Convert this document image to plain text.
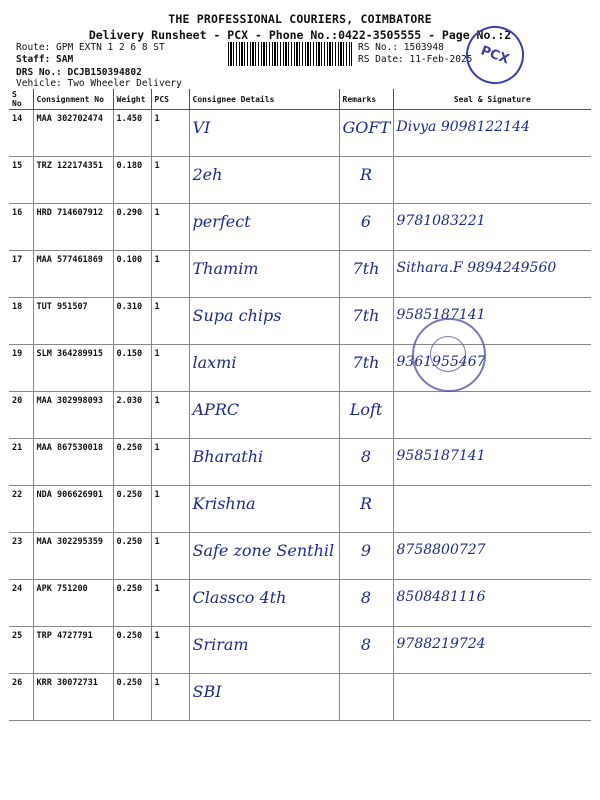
THE PROFESSIONAL COURIERS, COIMBATORE
Delivery Runsheet - PCX - Phone No.:0422-3505555 - Page No.:2
Route: GPM EXTN 1 2 6 8 ST
Staff: SAM
DRS No.: DCJB150394802
Vehicle: Two Wheeler Delivery
RS No.: 1503948
RS Date: 11-Feb-2025 PCX
S No	Consignment No	Weight	PCS	Consignee Details	Remarks	Seal & Signature
14	MAA 302702474	1.450	1	VI	GOFT	Divya 9098122144
15	TRZ 122174351	0.180	1	2eh	R	
16	HRD 714607912	0.290	1	perfect	6	9781083221
17	MAA 577461869	0.100	1	Thamim	7th	Sithara.F 9894249560
18	TUT 951507	0.310	1	Supa chips	7th	9585187141
19	SLM 364289915	0.150	1	laxmi	7th	9361955467
20	MAA 302998093	2.030	1	APRC	Loft	
21	MAA 867530018	0.250	1	Bharathi	8	9585187141
22	NDA 906626901	0.250	1	Krishna	R	
23	MAA 302295359	0.250	1	Safe zone Senthil	9	8758800727
24	APK 751200	0.250	1	Classco 4th	8	8508481116
25	TRP 4727791	0.250	1	Sriram	8	9788219724
26	KRR 30072731	0.250	1	SBI		
